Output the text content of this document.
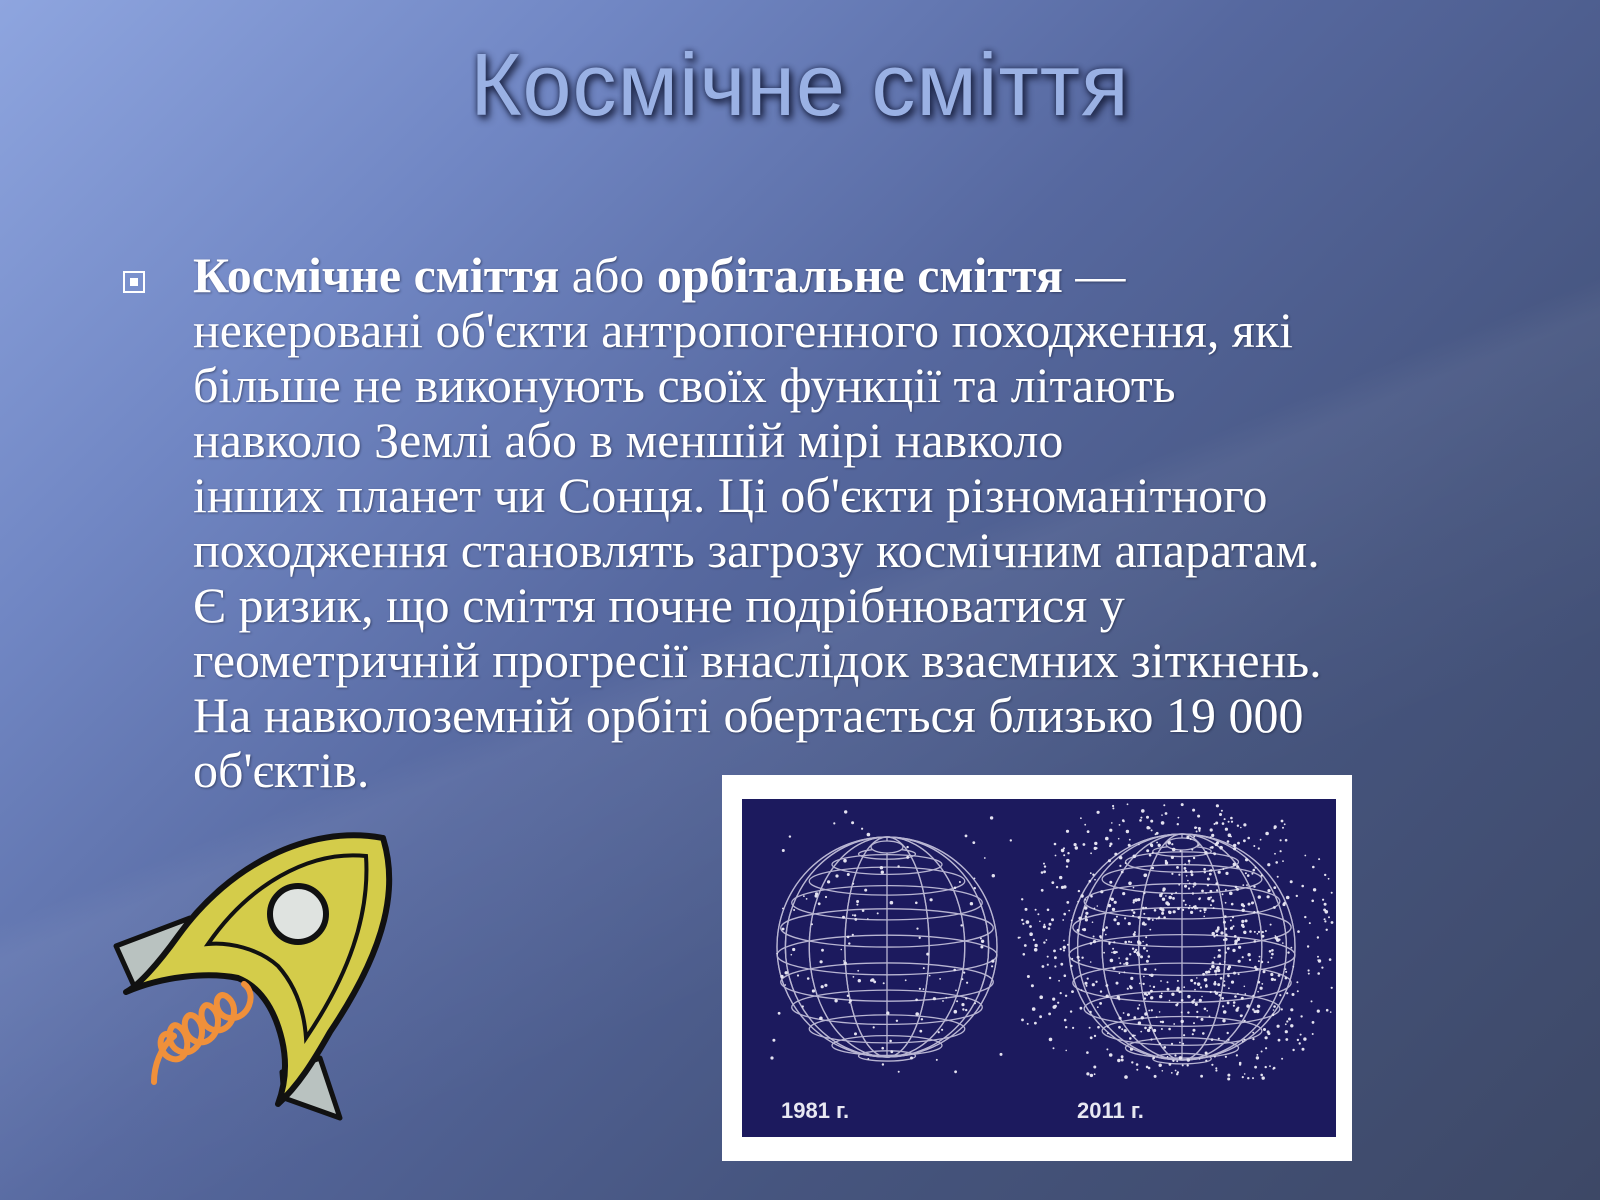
Космічне сміття
Космічне сміття або орбітальне сміття —
некеровані об'єкти антропогенного походження, які
більше не виконують своїх функції та літають
навколо Землі або в меншій мірі навколо
інших планет чи Сонця. Ці об'єкти різноманітного
походження становлять загрозу космічним апаратам.
Є ризик, що сміття почне подрібнюватися у
геометричній прогресії внаслідок взаємних зіткнень.
На навколоземній орбіті обертається близько 19 000
об'єктів.
1981 г.	2011 г.
